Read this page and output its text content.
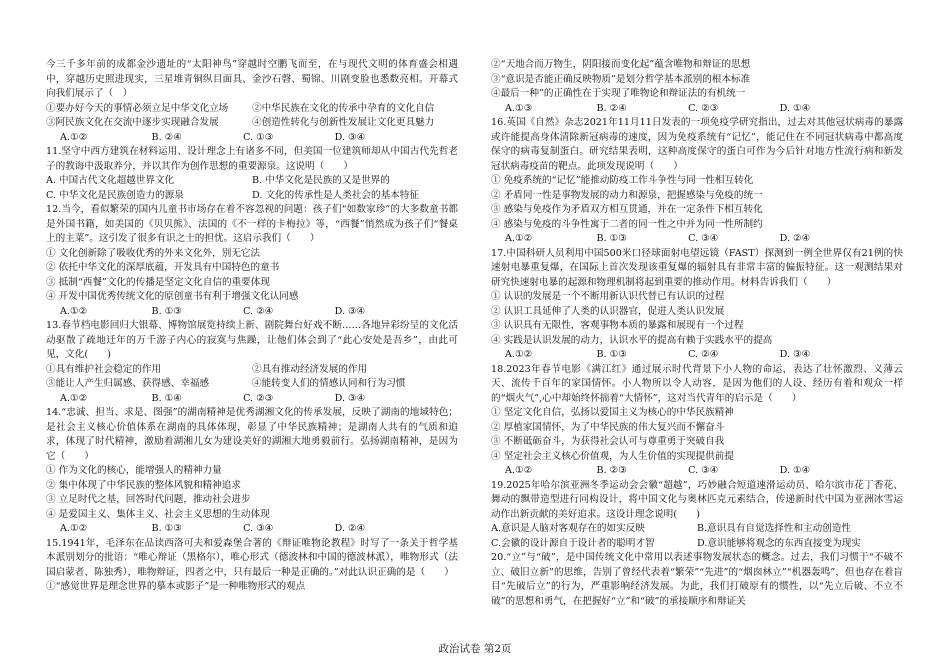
今三千多年前的成都金沙遗址的“太阳神鸟”穿越时空鹏飞而至，在与现代文明的体育盛会相遇中，穿越历史照进现实，三星堆青铜纵目面具、金沙石磬、蜀锦、川剧变脸也悉数亮相。开幕式向我们展示了（　）

①要办好今天的事情必须立足中华文化立场	②中华民族在文化的传承中孕育的文化自信
③阿民族文化在交流中逐步实现融合发展	④创造性转化与创新性发展让文化更具魅力
A.①②	B. ②④	C. ①③	D. ③④

11.坚守中西方建筑在材料运用、设计理念上有诸多不同，但美国一位建筑师却从中国古代先哲老子的教诲中汲取养分，并以其作为创作思想的重要源泉。这说明（　　）

A. 中国古代文化超越世界文化	B. 中华文化是民族的又是世界的
C. 中华文化是民族创造力的源泉	D. 文化的传承性是人类社会的基本特征

12.当今，看似繁荣的国内儿童书市场存在着不容忽视的问题：孩子们“如数家珍”的大多数童书都是外国书籍，如美国的《贝贝熊》、法国的《不一样的卡梅拉》等，“西餐”悄然成为孩子们“餐桌上的主菜”。这引发了很多有识之士的担忧。这启示我们（　　）

① 文化创新除了吸收优秀的外来文化外，别无它法

② 依托中华文化的深厚底蕴，开发具有中国特色的童书

③ 抵制“西餐”文化的传播是坚定文化自信的重要体现

④ 开发中国优秀传统文化的原创童书有利于增强文化认同感

A.①②	B. ①③	C. ②④	D. ③④

13.春节档电影回归大银幕、博物馆展览持续上新、剧院舞台好戏不断……各地异彩纷呈的文化活动驱散了疏地迁年的万千游子内心的寂寞与焦躁，让他们体会到了“此心安处是吾乡”，由此可见，文化(　　)

①具有维护社会稳定的作用	②具有推动经济发展的作用
③能让人产生归属感、获得感、幸福感	④能转变人们的情感认同和行为习惯
A.①②	B. ①④	C. ②③	D. ③④

14.“忠诚、担当、求是、图强”的湖南精神是优秀湖湘文化的传承发展，反映了湖南的地域特色；是社会主义核心价值体系在湖南的具体体现，彰显了中华民族精神；是湖南人共有的气质和追求，体现了时代精神，激励着湖湘儿女为建设美好的湖湘大地勇毅前行。弘扬湖南精神，是因为它（　　）

① 作为文化的核心，能增强人的精神力量

② 集中体现了中华民族的整体风貌和精神追求

③ 立足时代之基，回答时代问题，推动社会进步

④ 是爱国主义、集体主义、社会主义思想的生动体现

A.①②	B. ①③	C. ③④	D. ②④

15.1941年，毛泽东在品读西洛可夫和爱森堡合著的《辩证唯物论教程》时写了一条关于哲学基本派别划分的批语：“唯心辩证（黑格尔），唯心形式（德波林和中国的德波林派），唯物形式（法国启蒙者、陈独秀），唯物辩证，四者之中，只有最后一种是正确的。”对此认识正确的是（　　）

①“感觉世界是理念世界的摹本或影子”是一种唯物形式的观点

②“天地合而万物生，阴阳接而变化起”蕴含唯物和辩证的思想

③“意识是否能正确反映物质”是划分哲学基本派别的根本标准

④最后一种”的正确性在于实现了唯物论和辩证法的有机统一

A.①③	B. ②④	C. ②③	D. ①④

16.英国《自然》杂志2021年11月11日发表的一项免疫学研究指出，过去对其他冠状病毒的暴露或许能提高身体清除新冠病毒的速度，因为免疫系统有“记忆”，能记住在不同冠状病毒中都高度保守的病毒复制蛋白。研究结果表明，这种高度保守的蛋白可作为今后针对地方性流行病和新发冠状病毒疫苗的靶点。此项发现说明（　　）

① 免疫系统的“记忆”能推动防疫工作斗争性与同一性相互转化

② 矛盾同一性是事物发展的动力和源泉，把握感染与免疫的统一

③ 感染与免疫作为矛盾双方相互贯通，并在一定条件下相互转化

④ 感染与免疫的斗争性寓于二者的同一性之中并为同一性所制约

A.①②	B. ①③	C. ③④	D. ②④

17.中国科研人员利用中国500米口径球面射电望远镜（FAST）探测到一例全世界仅有21例的快速射电暴重复爆，在国际上首次发现该重复爆的辐射具有非常丰富的偏振特征。这一观测结果对研究快速射电暴的起源和物理机制将起到重要的推动作用。材料告诉我们（　　）

① 认识的发展是一个不断用新认识代替已有认识的过程

② 认识工具延伸了人类的认识器官，促进人类认识发展

③ 认识具有无限性，客观事物本质的暴露和展现有一个过程

④ 实践是认识发展的动力，认识水平的提高有赖于实践水平的提高

A.①②	B. ①③	C. ②④	D. ③④

18.2023年春节电影《满江红》通过展示时代背景下小人物的命运，表达了壮怀激烈、义薄云天、流传千百年的家国情怀。小人物所以令人动容，是因为他们的人设、经历有着和观众一样的“烟火气”,心中却始终怀揣着“大情怀”，这对当代青年的启示是（　　）

① 坚定文化自信，弘扬以爱国主义为核心的中华民族精神

② 厚植家国情怀，为了中华民族的伟大复兴而不懈奋斗

③ 不断砥砺奋斗，为获得社会认可与尊重勇于突破自我

④ 坚定社会主义核心价值观，为人生价值的实现提供前提

A.①②	B. ②③	C. ③④	D. ①④

19.2025年哈尔滨亚洲冬季运动会会徽“超越”，巧妙融合短道速滑运动员、哈尔滨市花丁香花、舞动的飘带造型进行同构设计，将中国文化与奥林匹克元素结合，传递新时代中国为亚洲冰雪运动作出新贡献的美好追求。这设计理念说明(　　)

A.意识是人脑对客观存在的如实反映	B.意识具有自觉选择性和主动创造性
C.会徽的设计源自于设计者的聪明才智	D.意识能够将观念的东西直接变为现实

20.“立”与“破”，是中国传统文化中常用以表述事物发展状态的概念。过去，我们习惯于“不破不立、破旧立新”的思维，告别了曾经代表着“繁荣”“先进”的“烟囱林立”“机器轰鸣”，但也存在着盲目“先破后立”的行为，严重影响经济发展。为此，我们打破原有的惯性，以“先立后破、不立不破”的思想和勇气，在把握好“立”和“破”的承接顺序和辩证关

政治试卷 第2页
